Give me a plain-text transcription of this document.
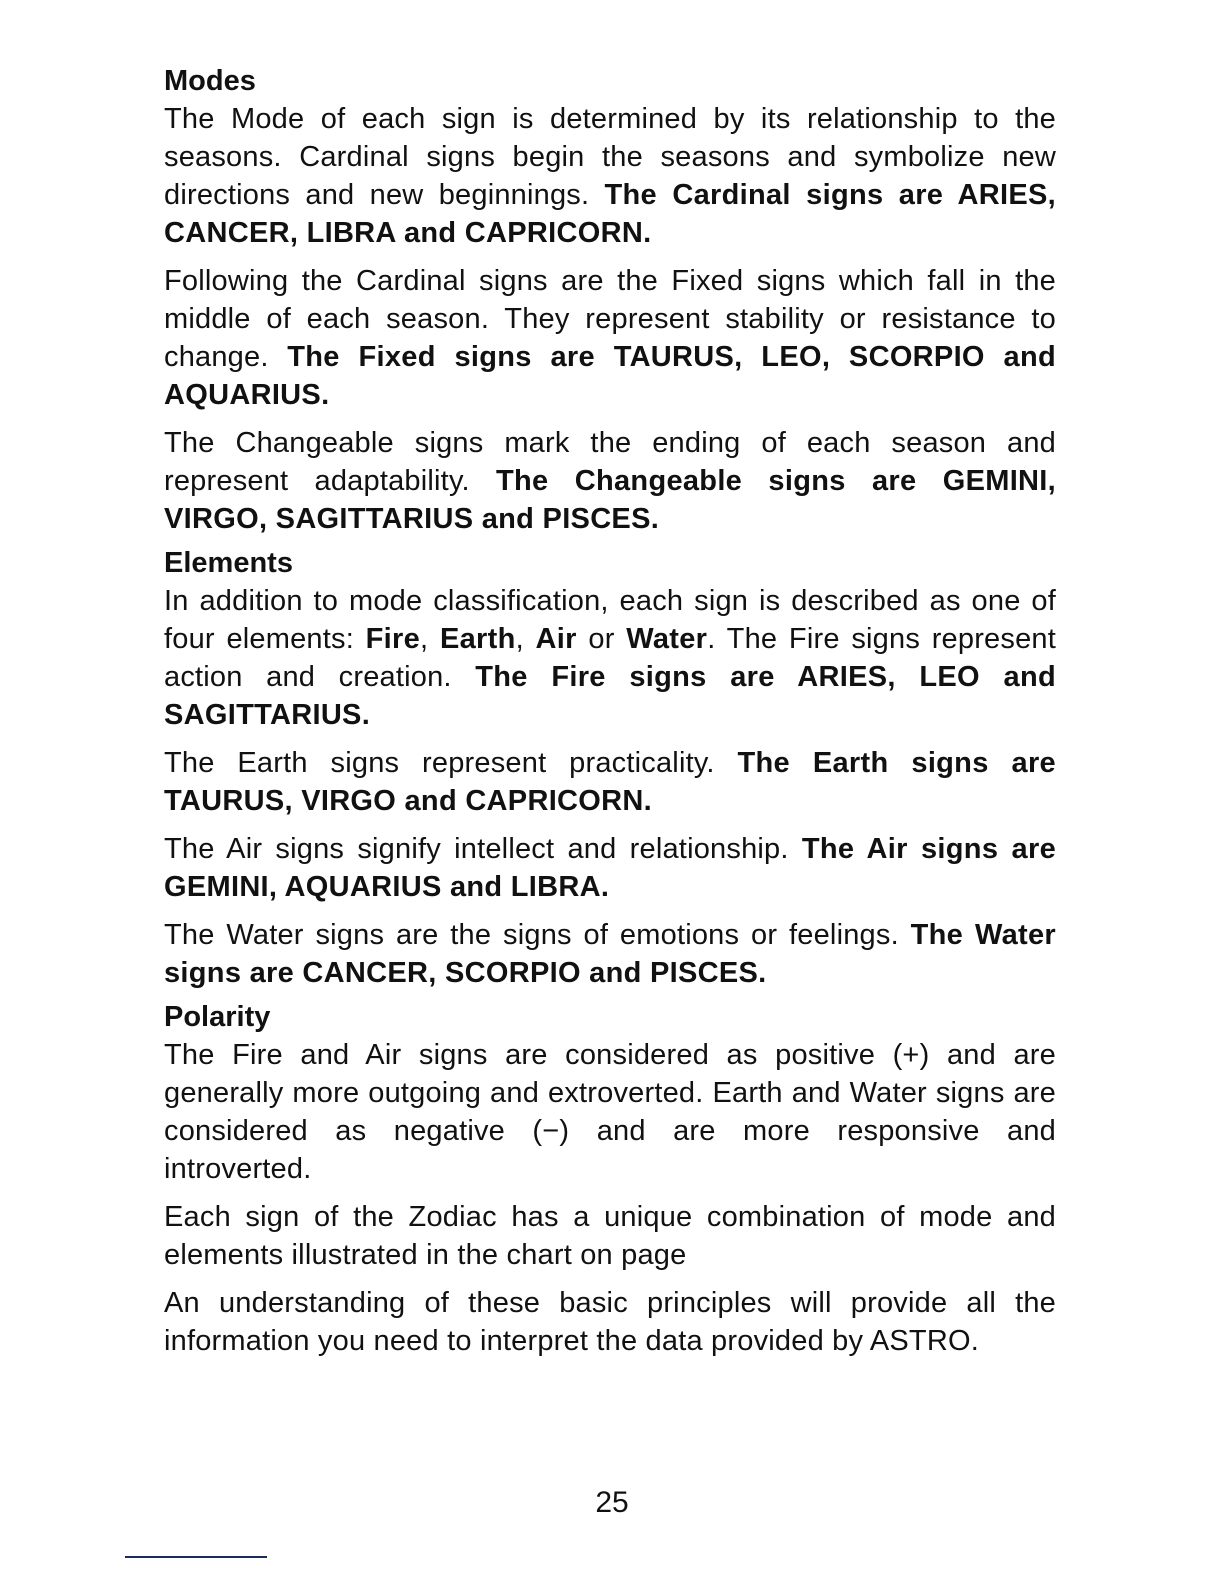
Modes

The Mode of each sign is determined by its relationship to the seasons. Cardinal signs begin the seasons and symbolize new directions and new beginnings. The Cardinal signs are ARIES, CANCER, LIBRA and CAPRICORN.

Following the Cardinal signs are the Fixed signs which fall in the middle of each season. They represent stability or resistance to change. The Fixed signs are TAURUS, LEO, SCORPIO and AQUARIUS.

The Changeable signs mark the ending of each season and represent adaptability. The Changeable signs are GEMINI, VIRGO, SAGITTARIUS and PISCES.

Elements

In addition to mode classification, each sign is described as one of four elements: Fire, Earth, Air or Water. The Fire signs represent action and creation. The Fire signs are ARIES, LEO and SAGITTARIUS.

The Earth signs represent practicality. The Earth signs are TAURUS, VIRGO and CAPRICORN.

The Air signs signify intellect and relationship. The Air signs are GEMINI, AQUARIUS and LIBRA.

The Water signs are the signs of emotions or feelings. The Water signs are CANCER, SCORPIO and PISCES.

Polarity

The Fire and Air signs are considered as positive (+) and are generally more outgoing and extroverted. Earth and Water signs are considered as negative (−) and are more responsive and introverted.

Each sign of the Zodiac has a unique combination of mode and elements illustrated in the chart on page

An understanding of these basic principles will provide all the information you need to interpret the data provided by ASTRO.

25
